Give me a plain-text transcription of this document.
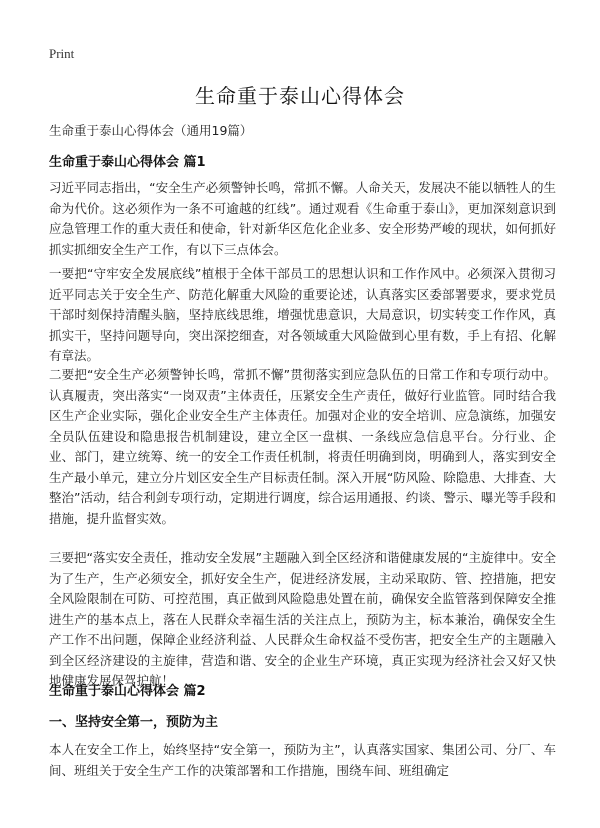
Print
生命重于泰山心得体会
生命重于泰山心得体会（通用19篇）
生命重于泰山心得体会 篇1

习近平同志指出，“安全生产必须警钟长鸣，常抓不懈。人命关天，发展决不能以牺牲人的生命为代价。这必须作为一条不可逾越的红线”。通过观看《生命重于泰山》，更加深刻意识到应急管理工作的重大责任和使命，针对新华区危化企业多、安全形势严峻的现状，如何抓好抓实抓细安全生产工作，有以下三点体会。

一要把“守牢安全发展底线”植根于全体干部员工的思想认识和工作作风中。必须深入贯彻习近平同志关于安全生产、防范化解重大风险的重要论述，认真落实区委部署要求，要求党员干部时刻保持清醒头脑，坚持底线思维，增强忧患意识，大局意识，切实转变工作作风，真抓实干，坚持问题导向，突出深挖细查，对各领域重大风险做到心里有数，手上有招、化解有章法。

二要把“安全生产必须警钟长鸣，常抓不懈”贯彻落实到应急队伍的日常工作和专项行动中。认真履责，突出落实“一岗双责”主体责任，压紧安全生产责任，做好行业监管。同时结合我区生产企业实际，强化企业安全生产主体责任。加强对企业的安全培训、应急演练，加强安全员队伍建设和隐患报告机制建设，建立全区一盘棋、一条线应急信息平台。分行业、企业、部门，建立统筹、统一的安全工作责任机制，将责任明确到岗，明确到人，落实到安全生产最小单元，建立分片划区安全生产目标责任制。深入开展“防风险、除隐患、大排查、大整治”活动，结合利剑专项行动，定期进行调度，综合运用通报、约谈、警示、曝光等手段和措施，提升监督实效。

三要把“落实安全责任，推动安全发展”主题融入到全区经济和谐健康发展的“主旋律中。安全为了生产，生产必须安全，抓好安全生产，促进经济发展，主动采取防、管、控措施，把安全风险限制在可防、可控范围，真正做到风险隐患处置在前，确保安全监管落到保障安全推进生产的基本点上，落在人民群众幸福生活的关注点上，预防为主，标本兼治，确保安全生产工作不出问题，保障企业经济利益、人民群众生命权益不受伤害，把安全生产的主题融入到全区经济建设的主旋律，营造和谐、安全的企业生产环境，真正实现为经济社会又好又快地健康发展保驾护航！

生命重于泰山心得体会 篇2
一、坚持安全第一，预防为主

本人在安全工作上，始终坚持“安全第一，预防为主”，认真落实国家、集团公司、分厂、车间、班组关于安全生产工作的决策部署和工作措施，围绕车间、班组确定
